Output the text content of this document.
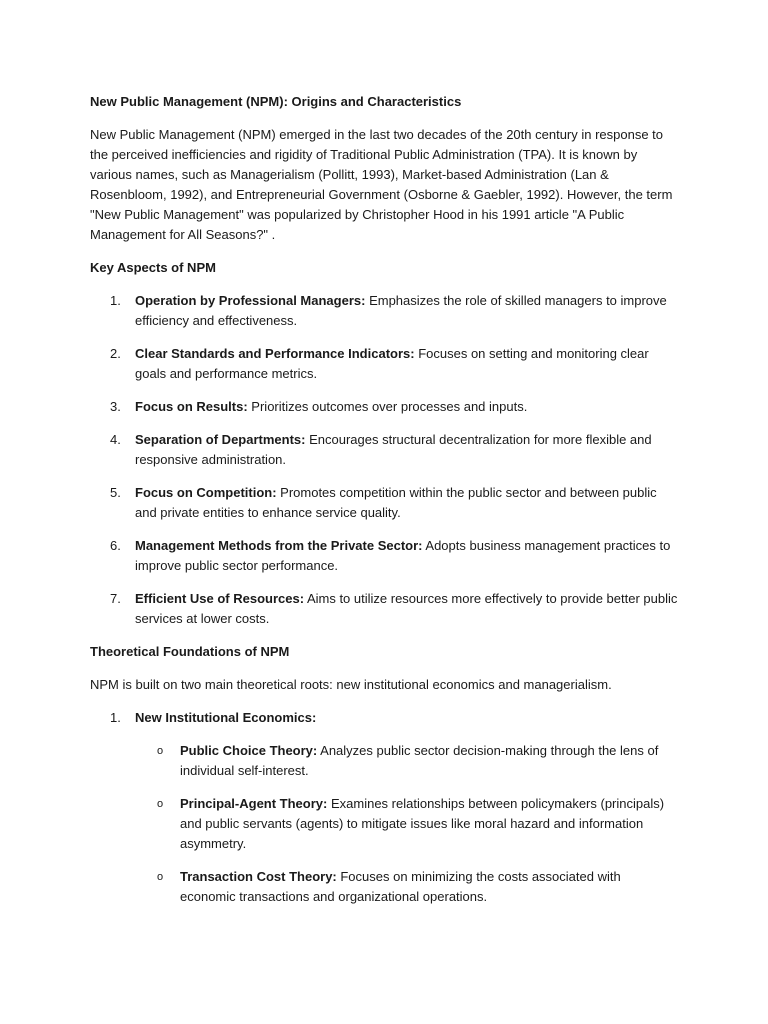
New Public Management (NPM): Origins and Characteristics

New Public Management (NPM) emerged in the last two decades of the 20th century in response to the perceived inefficiencies and rigidity of Traditional Public Administration (TPA). It is known by various names, such as Managerialism (Pollitt, 1993), Market-based Administration (Lan & Rosenbloom, 1992), and Entrepreneurial Government (Osborne & Gaebler, 1992). However, the term "New Public Management" was popularized by Christopher Hood in his 1991 article "A Public Management for All Seasons?" .

Key Aspects of NPM
1. Operation by Professional Managers: Emphasizes the role of skilled managers to improve efficiency and effectiveness.
2. Clear Standards and Performance Indicators: Focuses on setting and monitoring clear goals and performance metrics.
3. Focus on Results: Prioritizes outcomes over processes and inputs.
4. Separation of Departments: Encourages structural decentralization for more flexible and responsive administration.
5. Focus on Competition: Promotes competition within the public sector and between public and private entities to enhance service quality.
6. Management Methods from the Private Sector: Adopts business management practices to improve public sector performance.
7. Efficient Use of Resources: Aims to utilize resources more effectively to provide better public services at lower costs.
Theoretical Foundations of NPM

NPM is built on two main theoretical roots: new institutional economics and managerialism.

1. New Institutional Economics:
o Public Choice Theory: Analyzes public sector decision-making through the lens of individual self-interest.
o Principal-Agent Theory: Examines relationships between policymakers (principals) and public servants (agents) to mitigate issues like moral hazard and information asymmetry.
o Transaction Cost Theory: Focuses on minimizing the costs associated with economic transactions and organizational operations.
